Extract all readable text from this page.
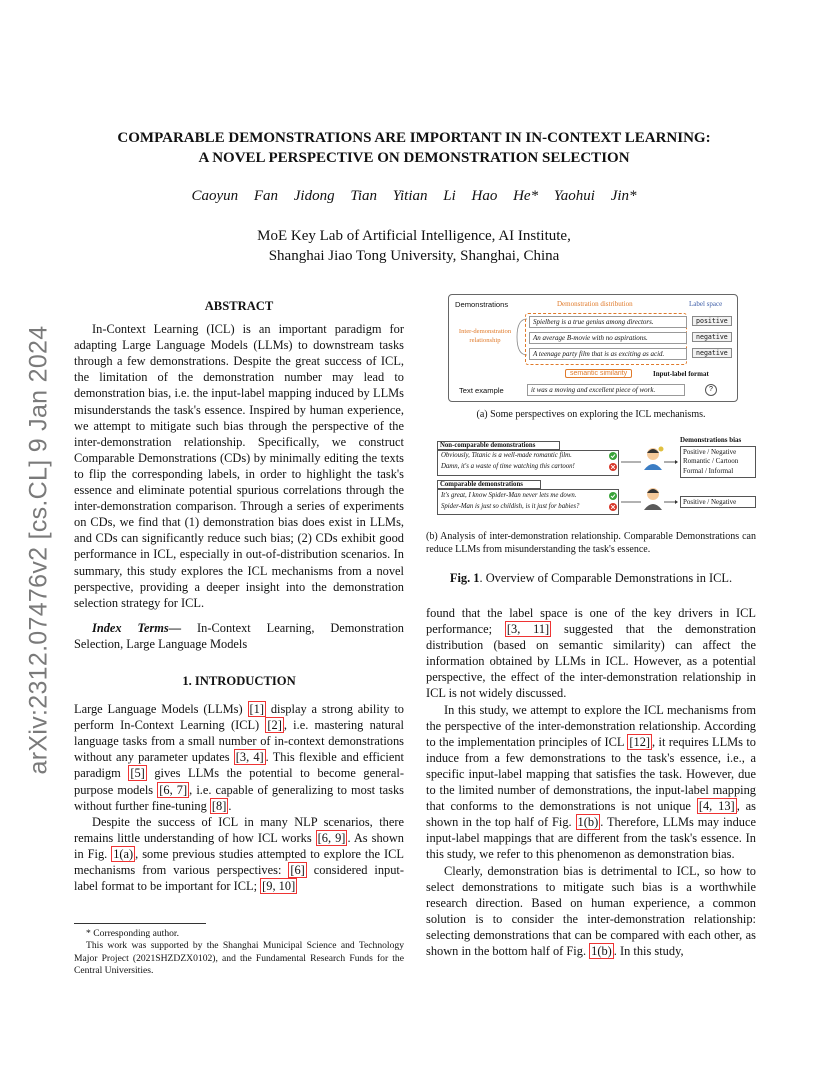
arXiv:2312.07476v2 [cs.CL] 9 Jan 2024
COMPARABLE DEMONSTRATIONS ARE IMPORTANT IN IN-CONTEXT LEARNING:
A NOVEL PERSPECTIVE ON DEMONSTRATION SELECTION
Caoyun Fan Jidong Tian Yitian Li Hao He* Yaohui Jin*
MoE Key Lab of Artificial Intelligence, AI Institute,
Shanghai Jiao Tong University, Shanghai, China
ABSTRACT

In-Context Learning (ICL) is an important paradigm for adapting Large Language Models (LLMs) to downstream tasks through a few demonstrations. Despite the great success of ICL, the limitation of the demonstration number may lead to demonstration bias, i.e. the input-label mapping induced by LLMs misunderstands the task's essence. Inspired by human experience, we attempt to mitigate such bias through the perspective of the inter-demonstration relationship. Specifically, we construct Comparable Demonstrations (CDs) by minimally editing the texts to flip the corresponding labels, in order to highlight the task's essence and eliminate potential spurious correlations through the inter-demonstration comparison. Through a series of experiments on CDs, we find that (1) demonstration bias does exist in LLMs, and CDs can significantly reduce such bias; (2) CDs exhibit good performance in ICL, especially in out-of-distribution scenarios. In summary, this study explores the ICL mechanisms from a novel perspective, providing a deeper insight into the demonstration selection strategy for ICL.

Index Terms— In-Context Learning, Demonstration Selection, Large Language Models

1. INTRODUCTION

Large Language Models (LLMs) [1] display a strong ability to perform In-Context Learning (ICL) [2] , i.e. mastering natural language tasks from a small number of in-context demonstrations without any parameter updates [3, 4] . This flexible and efficient paradigm [5] gives LLMs the potential to become general-purpose models [6, 7] , i.e. capable of generalizing to most tasks without further fine-tuning [8] .

Despite the success of ICL in many NLP scenarios, there remains little understanding of how ICL works [6, 9] . As shown in Fig. 1(a) , some previous studies attempted to explore the ICL mechanisms from various perspectives: [6] considered input-label format to be important for ICL; [9, 10]

* Corresponding author.

This work was supported by the Shanghai Municipal Science and Technology Major Project (2021SHZDZX0102), and the Fundamental Research Funds for the Central Universities.

Demonstrations	Demonstration distribution	Label space
Inter-demonstration
relationship
Spielberg is a true genius among directors.
An average B-movie with no aspirations.
A teenage party film that is as exciting as acid.
positive
negative
negative
semantic similarity	Input-label format
Text example	it was a moving and excellent piece of work.	?
(a) Some perspectives on exploring the ICL mechanisms.
Non-comparable demonstrations
Obviously, Titanic is a well-made romantic film.
Damn, it's a waste of time watching this cartoon!
Comparable demonstrations
It's great, I know Spider-Man never lets me down.
Spider-Man is just so childish, is it just for babies?
Demonstrations bias
Positive / Negative
Romantic / Cartoon
Formal / Informal
Positive / Negative
(b) Analysis of inter-demonstration relationship. Comparable Demonstrations can reduce LLMs from misunderstanding the task's essence.
Fig. 1. Overview of Comparable Demonstrations in ICL.

found that the label space is one of the key drivers in ICL performance; [3, 11] suggested that the demonstration distribution (based on semantic similarity) can affect the information obtained by LLMs in ICL. However, as a potential perspective, the effect of the inter-demonstration relationship in ICL is not widely discussed.

In this study, we attempt to explore the ICL mechanisms from the perspective of the inter-demonstration relationship. According to the implementation principles of ICL [12] , it requires LLMs to induce from a few demonstrations to the task's essence, i.e., a specific input-label mapping that satisfies the task. However, due to the limited number of demonstrations, the input-label mapping that conforms to the demonstrations is not unique [4, 13] , as shown in the top half of Fig. 1(b) . Therefore, LLMs may induce input-label mappings that are different from the task's essence. In this study, we refer to this phenomenon as demonstration bias.

Clearly, demonstration bias is detrimental to ICL, so how to select demonstrations to mitigate such bias is a worthwhile research direction. Based on human experience, a common solution is to consider the inter-demonstration relationship: selecting demonstrations that can be compared with each other, as shown in the bottom half of Fig. 1(b) . In this study,
